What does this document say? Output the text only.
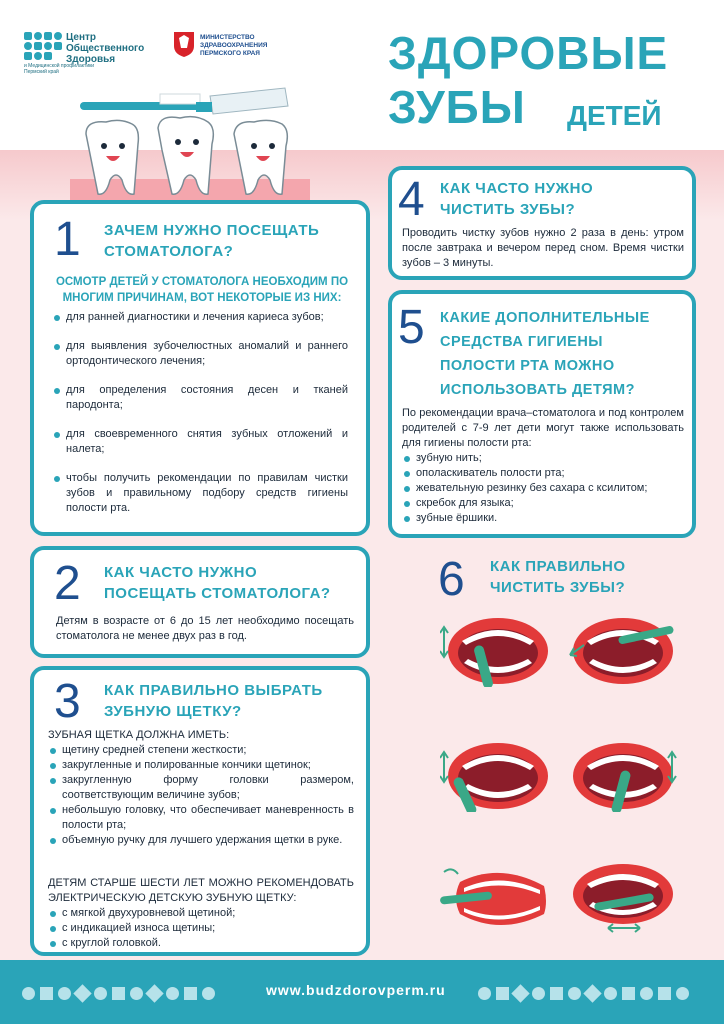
Центр
Общественного
Здоровья
и Медицинской профилактики
Пермский край
МИНИСТЕРСТВО
ЗДРАВООХРАНЕНИЯ
ПЕРМСКОГО КРАЯ	ЗДОРОВЫЕ
ЗУБЫ ДЕТЕЙ
1 ЗАЧЕМ НУЖНО ПОСЕЩАТЬ
СТОМАТОЛОГА?
ОСМОТР ДЕТЕЙ У СТОМАТОЛОГА НЕОБХОДИМ ПО
МНОГИМ ПРИЧИНАМ, ВОТ НЕКОТОРЫЕ ИЗ НИХ:
для ранней диагностики и лечения кариеса зубов;
для выявления зубочелюстных аномалий и раннего ортодонтического лечения;
для определения состояния десен и тканей пародонта;
для своевременного снятия зубных отложений и налета;
чтобы получить рекомендации по правилам чистки зубов и правильному подбору средств гигиены полости рта.
2 КАК ЧАСТО НУЖНО
ПОСЕЩАТЬ СТОМАТОЛОГА?
Детям в возрасте от 6 до 15 лет необходимо посещать стоматолога не менее двух раз в год.
3 КАК ПРАВИЛЬНО ВЫБРАТЬ
ЗУБНУЮ ЩЕТКУ?
ЗУБНАЯ ЩЕТКА ДОЛЖНА ИМЕТЬ:
щетину средней степени жесткости;
закругленные и полированные кончики щетинок;
закругленную форму головки размером, соответствующим величине зубов;
небольшую головку, что обеспечивает маневренность в полости рта;
объемную ручку для лучшего удержания щетки в руке.
ДЕТЯМ СТАРШЕ ШЕСТИ ЛЕТ МОЖНО РЕКОМЕНДОВАТЬ ЭЛЕКТРИЧЕСКУЮ ДЕТСКУЮ ЗУБНУЮ ЩЕТКУ:
с мягкой двухуровневой щетиной;
с индикацией износа щетины;
с круглой головкой.
4 КАК ЧАСТО НУЖНО
ЧИСТИТЬ ЗУБЫ?
Проводить чистку зубов нужно 2 раза в день: утром после завтрака и вечером перед сном. Время чистки зубов – 3 минуты.
5 КАКИЕ ДОПОЛНИТЕЛЬНЫЕ
СРЕДСТВА ГИГИЕНЫ
ПОЛОСТИ РТА МОЖНО
ИСПОЛЬЗОВАТЬ ДЕТЯМ?
По рекомендации врача–стоматолога и под контролем родителей с 7-9 лет дети могут также использовать для гигиены полости рта:
зубную нить;
ополаскиватель полости рта;
жевательную резинку без сахара с ксилитом;
скребок для языка;
зубные ёршики.
6 КАК ПРАВИЛЬНО
ЧИСТИТЬ ЗУБЫ?
www.budzdorovperm.ru
